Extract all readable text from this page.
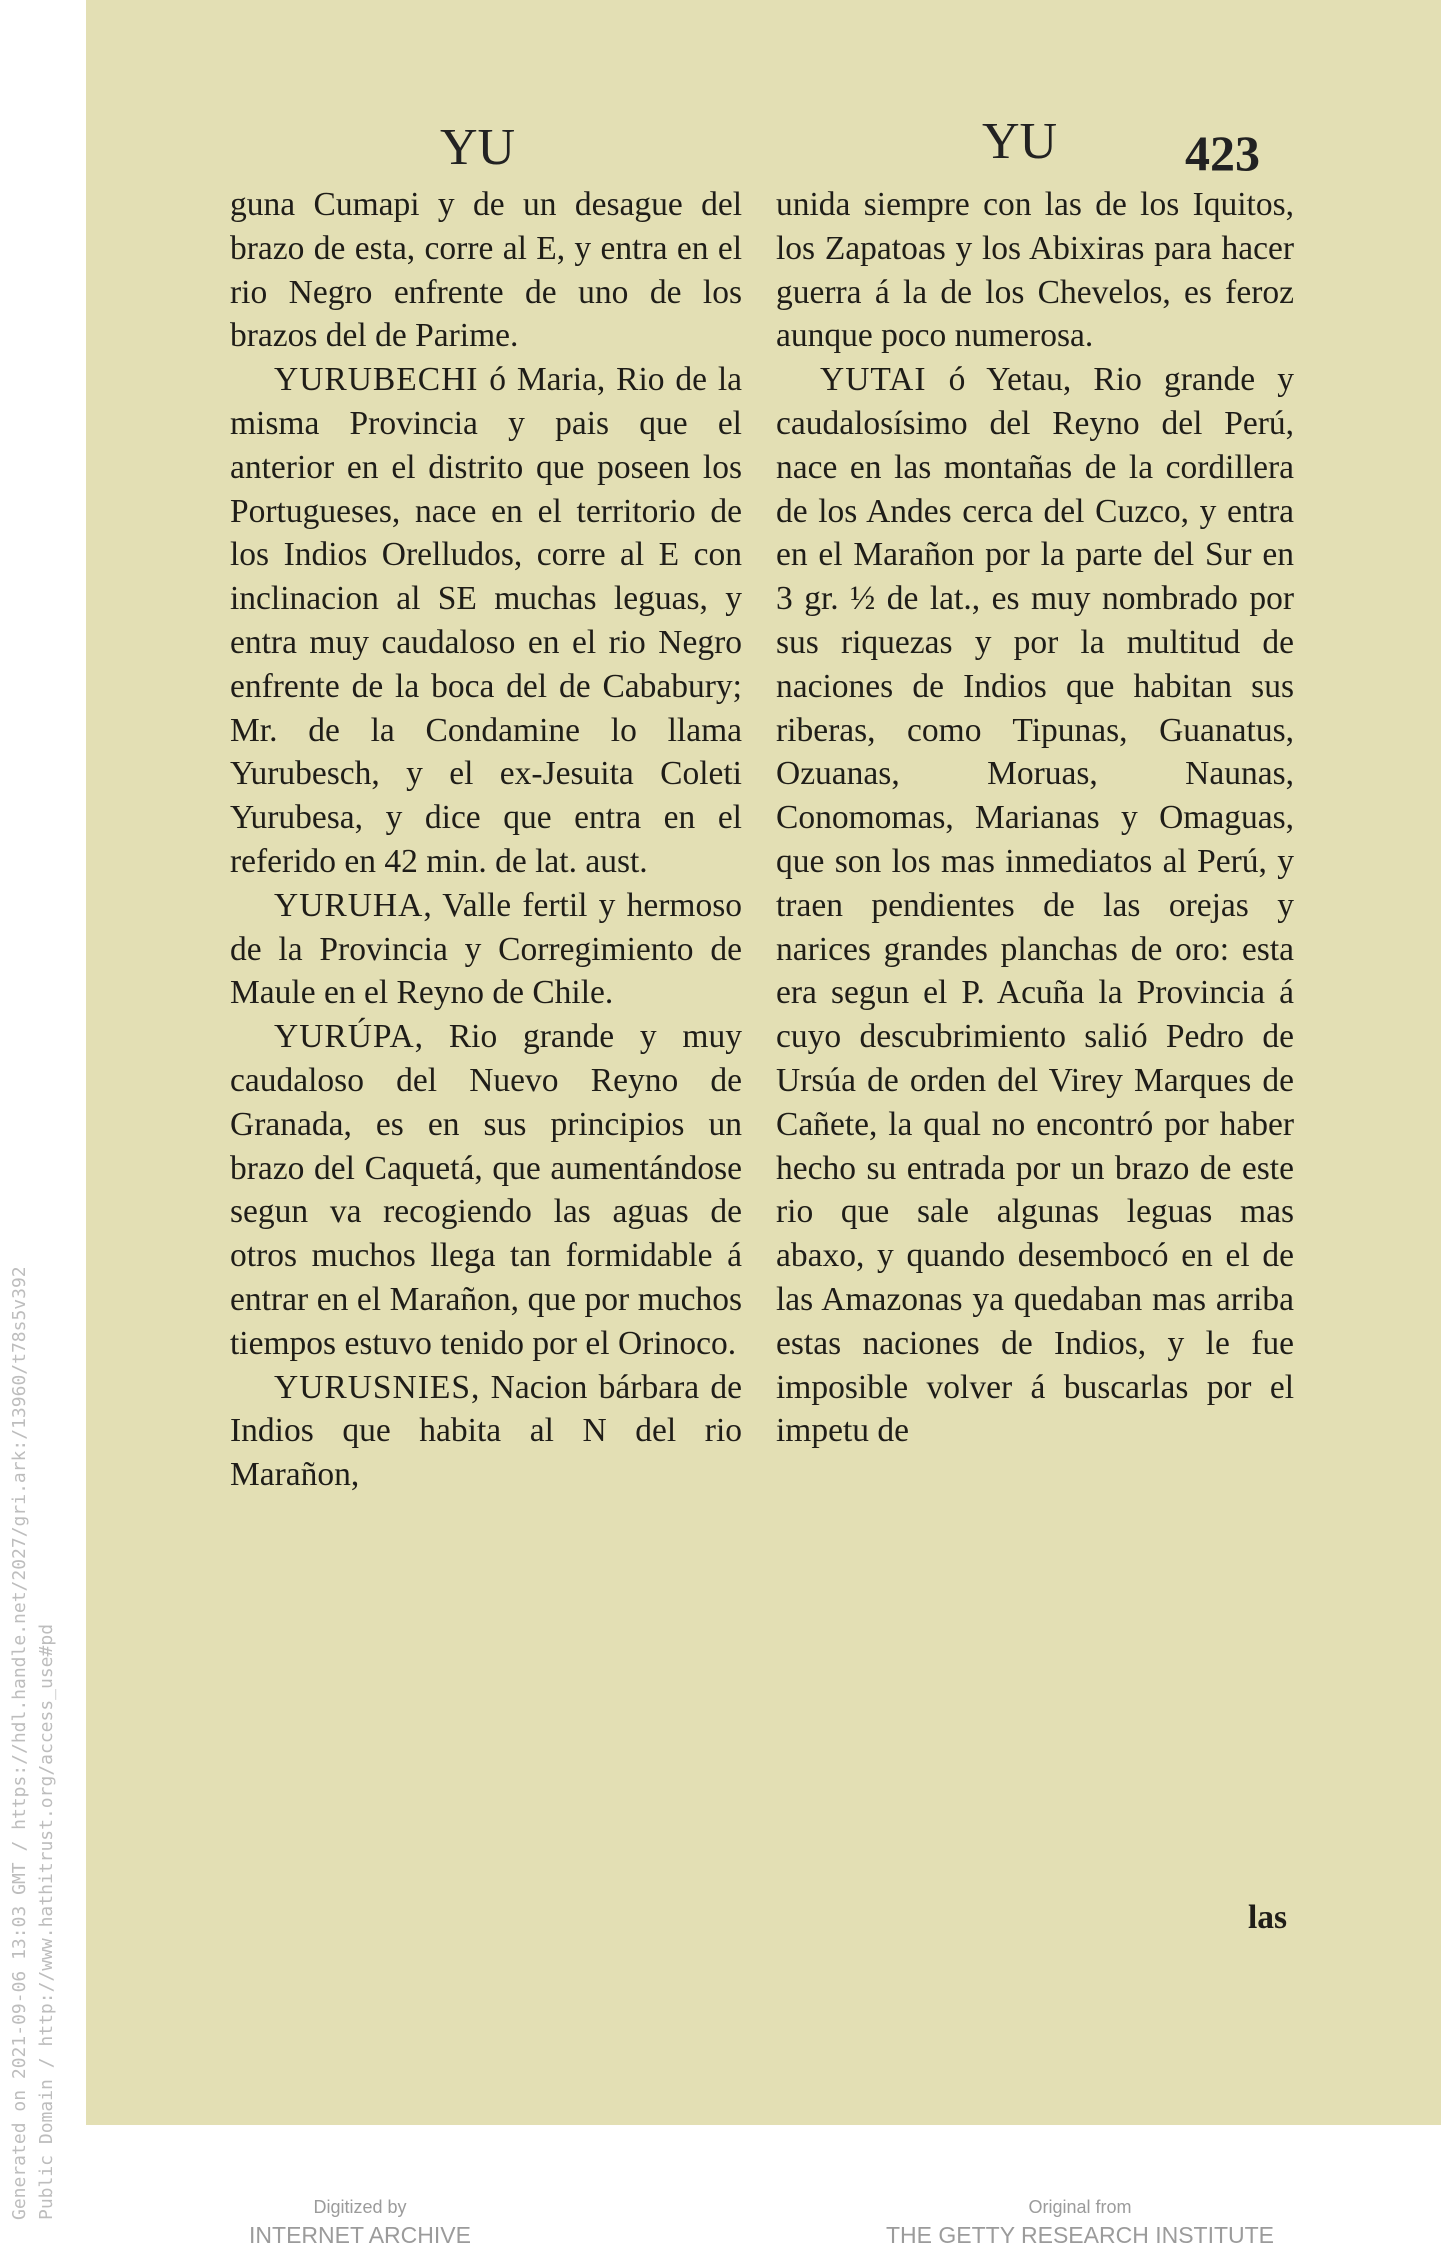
Generated on 2021-09-06 13:03 GMT / https://hdl.handle.net/2027/gri.ark:/13960/t78s5v392 Public Domain / http://www.hathitrust.org/access_use#pd
YU	YU	423

guna Cumapi y de un desague del brazo de esta, corre al E, y entra en el rio Negro enfrente de uno de los brazos del de Parime.

YURUBECHI ó Maria, Rio de la misma Provincia y pais que el anterior en el distrito que poseen los Portugueses, nace en el territorio de los Indios Orelludos, corre al E con inclinacion al SE muchas leguas, y entra muy caudaloso en el rio Negro enfrente de la boca del de Cababury; Mr. de la Condamine lo llama Yurubesch, y el ex-Jesuita Coleti Yurubesa, y dice que entra en el referido en 42 min. de lat. aust.

YURUHA, Valle fertil y hermoso de la Provincia y Corregimiento de Maule en el Reyno de Chile.

YURÚPA, Rio grande y muy caudaloso del Nuevo Reyno de Granada, es en sus principios un brazo del Caquetá, que aumentándose segun va recogiendo las aguas de otros muchos llega tan formidable á entrar en el Marañon, que por muchos tiempos estuvo tenido por el Orinoco.

YURUSNIES, Nacion bárbara de Indios que habita al N del rio Marañon,

unida siempre con las de los Iquitos, los Zapatoas y los Abixiras para hacer guerra á la de los Chevelos, es feroz aunque poco numerosa.

YUTAI ó Yetau, Rio grande y caudalosísimo del Reyno del Perú, nace en las montañas de la cordillera de los Andes cerca del Cuzco, y entra en el Marañon por la parte del Sur en 3 gr. ½ de lat., es muy nombrado por sus riquezas y por la multitud de naciones de Indios que habitan sus riberas, como Tipunas, Guanatus, Ozuanas, Moruas, Naunas, Conomomas, Marianas y Omaguas, que son los mas inmediatos al Perú, y traen pendientes de las orejas y narices grandes planchas de oro: esta era segun el P. Acuña la Provincia á cuyo descubrimiento salió Pedro de Ursúa de orden del Virey Marques de Cañete, la qual no encontró por haber hecho su entrada por un brazo de este rio que sale algunas leguas mas abaxo, y quando desembocó en el de las Amazonas ya quedaban mas arriba estas naciones de Indios, y le fue imposible volver á buscarlas por el impetu de

las
Digitized by
INTERNET ARCHIVE
Original from
THE GETTY RESEARCH INSTITUTE
